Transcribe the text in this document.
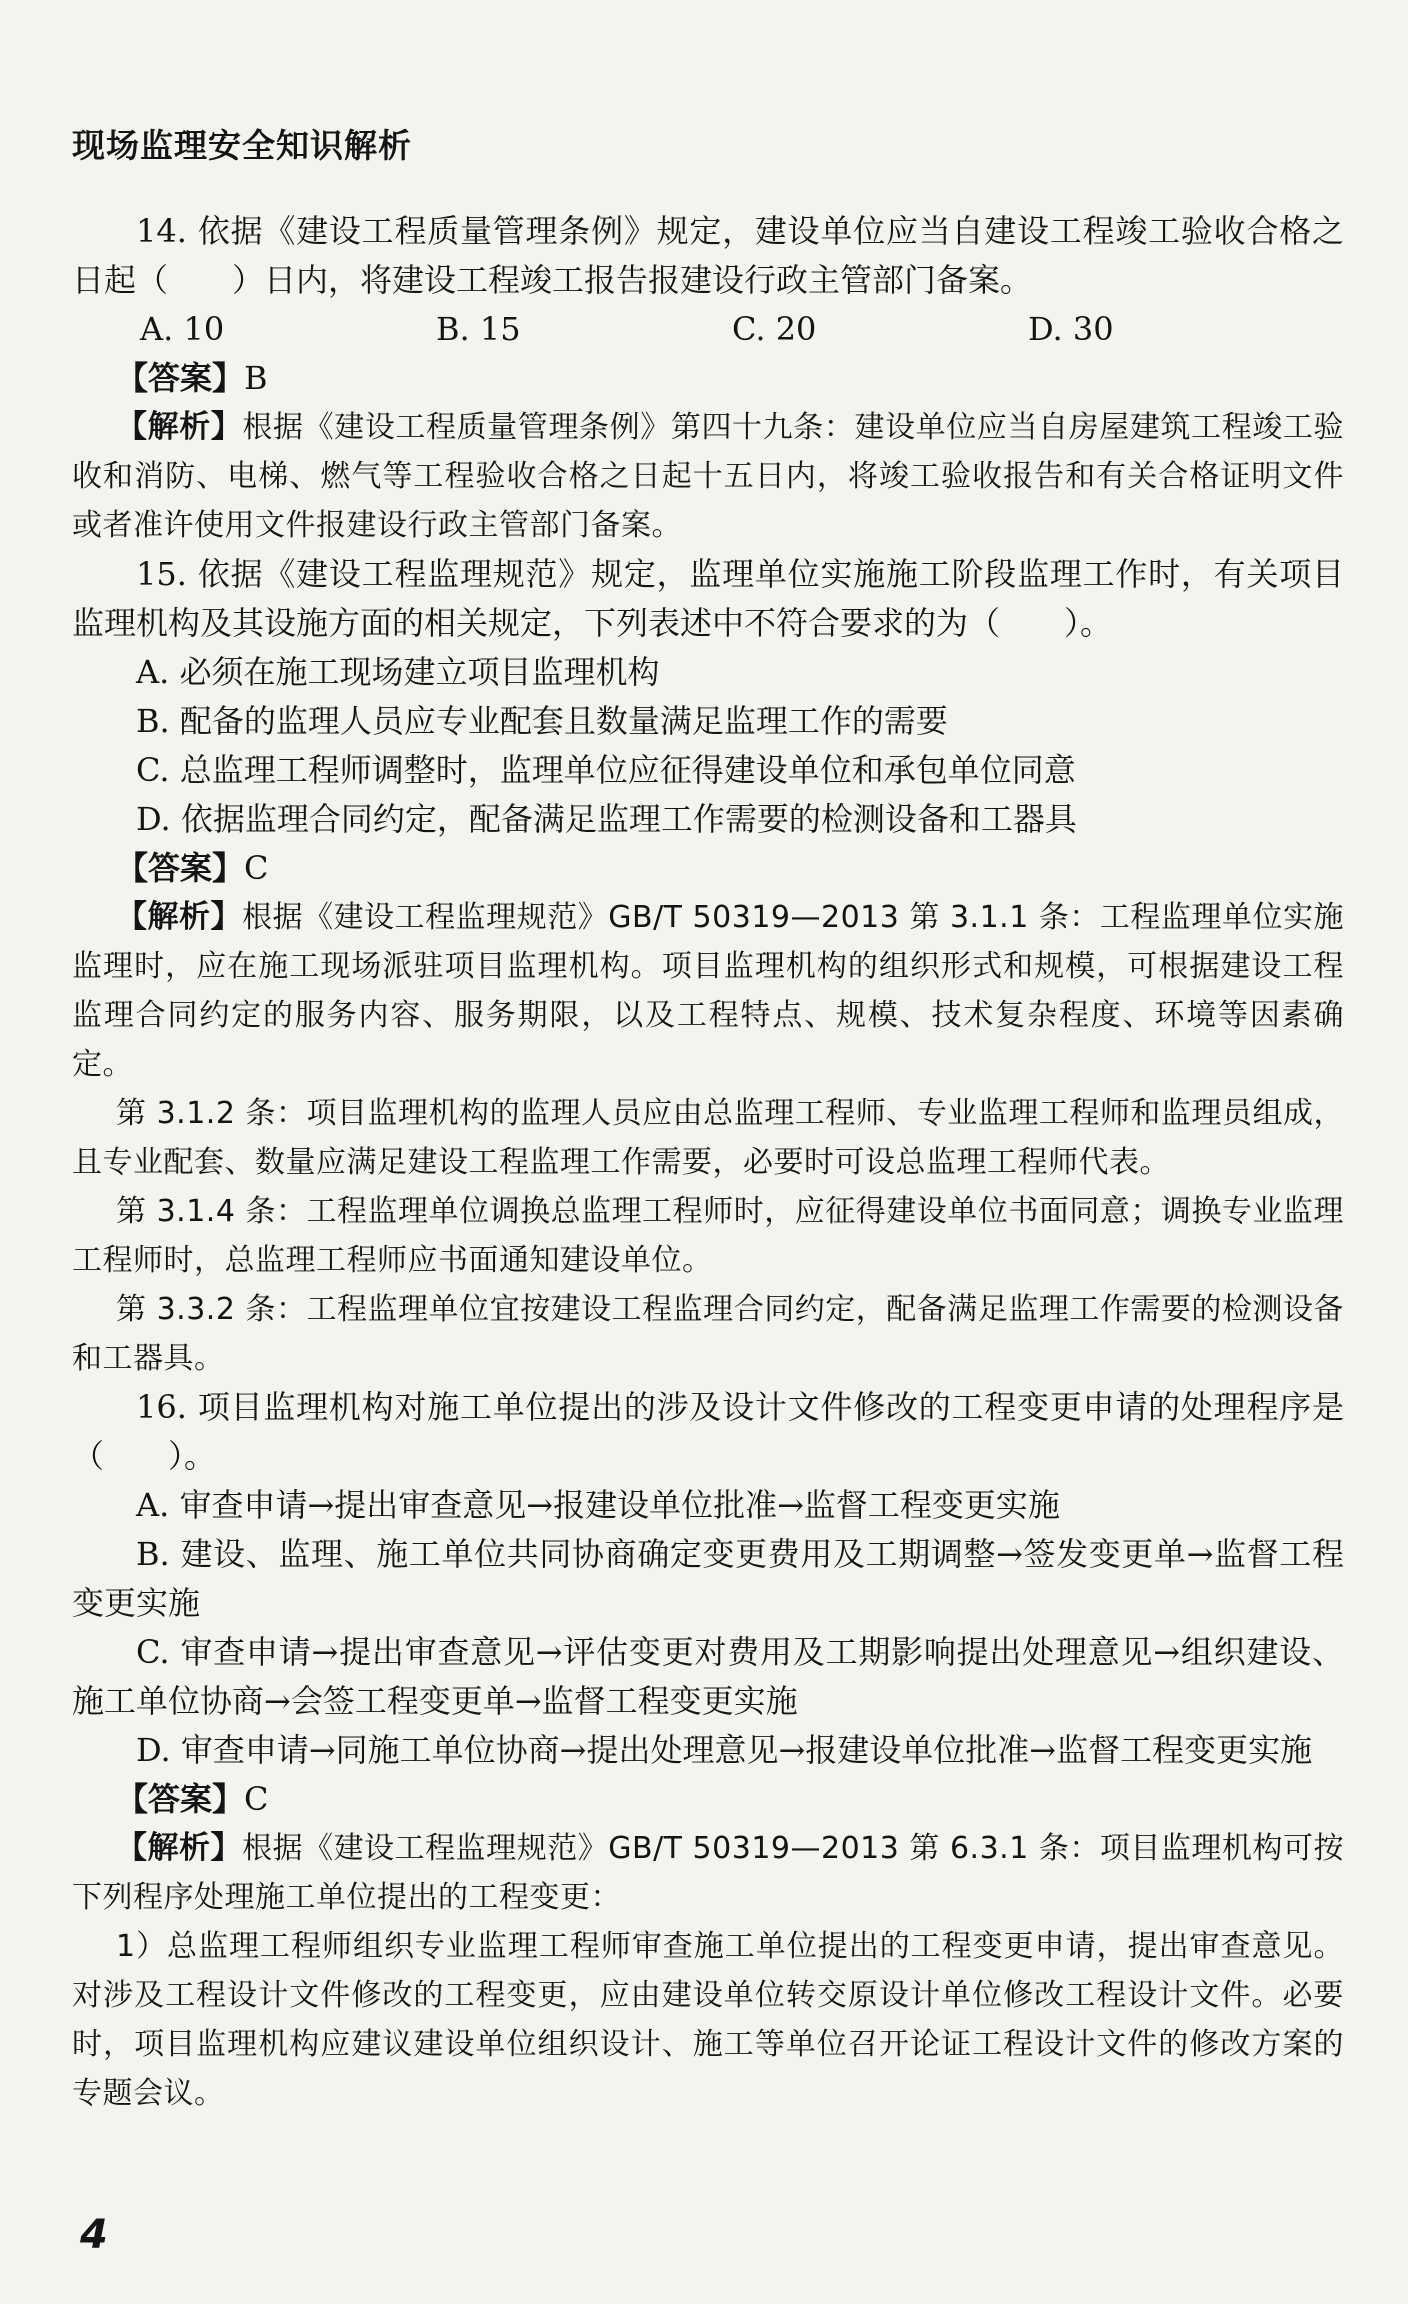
现场监理安全知识解析

14. 依据《建设工程质量管理条例》规定，建设单位应当自建设工程竣工验收合格之日起（　　）日内，将建设工程竣工报告报建设行政主管部门备案。

A. 10	B. 15	C. 20	D. 30

【答案】B

【解析】根据《建设工程质量管理条例》第四十九条：建设单位应当自房屋建筑工程竣工验收和消防、电梯、燃气等工程验收合格之日起十五日内，将竣工验收报告和有关合格证明文件或者准许使用文件报建设行政主管部门备案。

15. 依据《建设工程监理规范》规定，监理单位实施施工阶段监理工作时，有关项目监理机构及其设施方面的相关规定，下列表述中不符合要求的为（　　）。

A. 必须在施工现场建立项目监理机构

B. 配备的监理人员应专业配套且数量满足监理工作的需要

C. 总监理工程师调整时，监理单位应征得建设单位和承包单位同意

D. 依据监理合同约定，配备满足监理工作需要的检测设备和工器具

【答案】C

【解析】根据《建设工程监理规范》GB/T 50319—2013 第 3.1.1 条：工程监理单位实施监理时，应在施工现场派驻项目监理机构。项目监理机构的组织形式和规模，可根据建设工程监理合同约定的服务内容、服务期限，以及工程特点、规模、技术复杂程度、环境等因素确定。

第 3.1.2 条：项目监理机构的监理人员应由总监理工程师、专业监理工程师和监理员组成，且专业配套、数量应满足建设工程监理工作需要，必要时可设总监理工程师代表。

第 3.1.4 条：工程监理单位调换总监理工程师时，应征得建设单位书面同意；调换专业监理工程师时，总监理工程师应书面通知建设单位。

第 3.3.2 条：工程监理单位宜按建设工程监理合同约定，配备满足监理工作需要的检测设备和工器具。

16. 项目监理机构对施工单位提出的涉及设计文件修改的工程变更申请的处理程序是（　　）。

A. 审查申请→提出审查意见→报建设单位批准→监督工程变更实施

B. 建设、监理、施工单位共同协商确定变更费用及工期调整→签发变更单→监督工程变更实施

C. 审查申请→提出审查意见→评估变更对费用及工期影响提出处理意见→组织建设、施工单位协商→会签工程变更单→监督工程变更实施

D. 审查申请→同施工单位协商→提出处理意见→报建设单位批准→监督工程变更实施

【答案】C

【解析】根据《建设工程监理规范》GB/T 50319—2013 第 6.3.1 条：项目监理机构可按下列程序处理施工单位提出的工程变更：

1）总监理工程师组织专业监理工程师审查施工单位提出的工程变更申请，提出审查意见。对涉及工程设计文件修改的工程变更，应由建设单位转交原设计单位修改工程设计文件。必要时，项目监理机构应建议建设单位组织设计、施工等单位召开论证工程设计文件的修改方案的专题会议。

4
